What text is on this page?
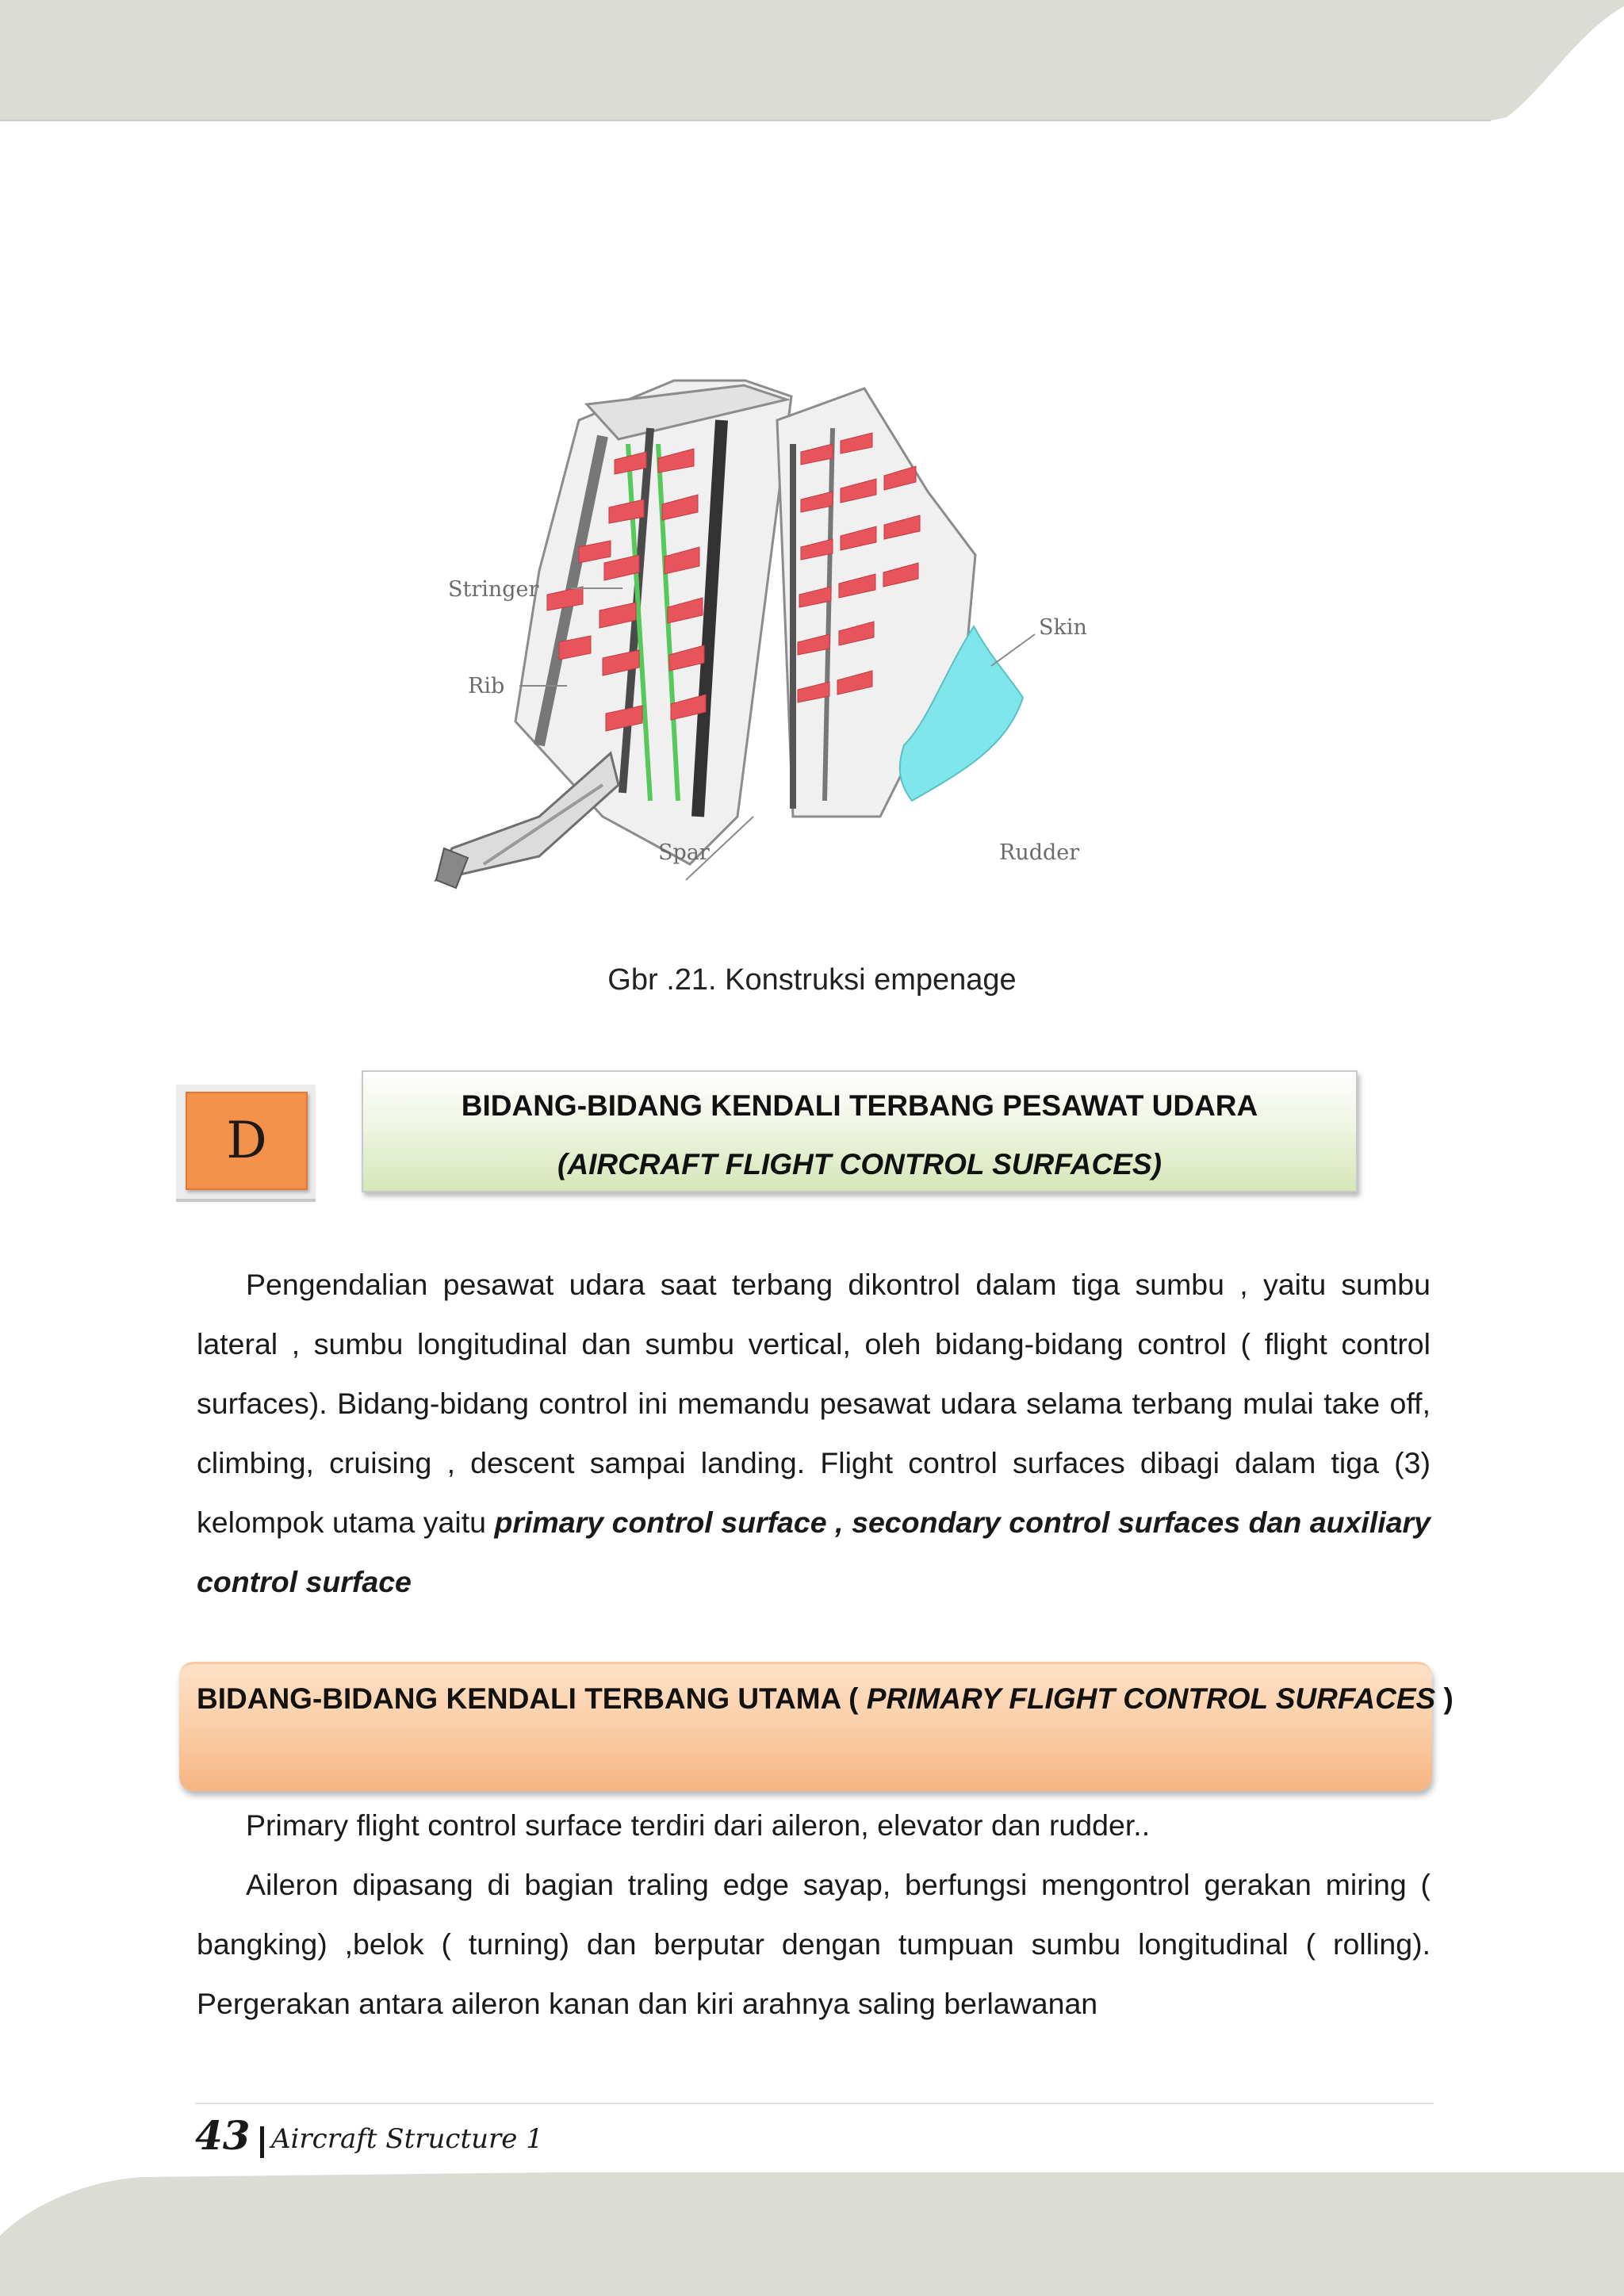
Stringer
Rib
Skin
Spar	Rudder
Gbr .21. Konstruksi empenage
D
BIDANG-BIDANG KENDALI TERBANG PESAWAT UDARA
(AIRCRAFT FLIGHT CONTROL SURFACES)
Pengendalian pesawat udara saat terbang dikontrol dalam tiga sumbu , yaitu sumbu lateral , sumbu longitudinal dan sumbu vertical, oleh bidang-bidang control ( flight control surfaces). Bidang-bidang control ini memandu pesawat udara selama terbang mulai take off, climbing, cruising , descent sampai landing. Flight control surfaces dibagi dalam tiga (3) kelompok utama yaitu primary control surface , secondary control surfaces dan auxiliary control surface
BIDANG-BIDANG KENDALI TERBANG UTAMA ( PRIMARY FLIGHT CONTROL SURFACES )
Primary flight control surface terdiri dari aileron, elevator dan rudder..
Aileron dipasang di bagian traling edge sayap, berfungsi mengontrol gerakan miring ( bangking) ,belok ( turning) dan berputar dengan tumpuan sumbu longitudinal ( rolling). Pergerakan antara aileron kanan dan kiri arahnya saling berlawanan
43 Aircraft Structure 1
